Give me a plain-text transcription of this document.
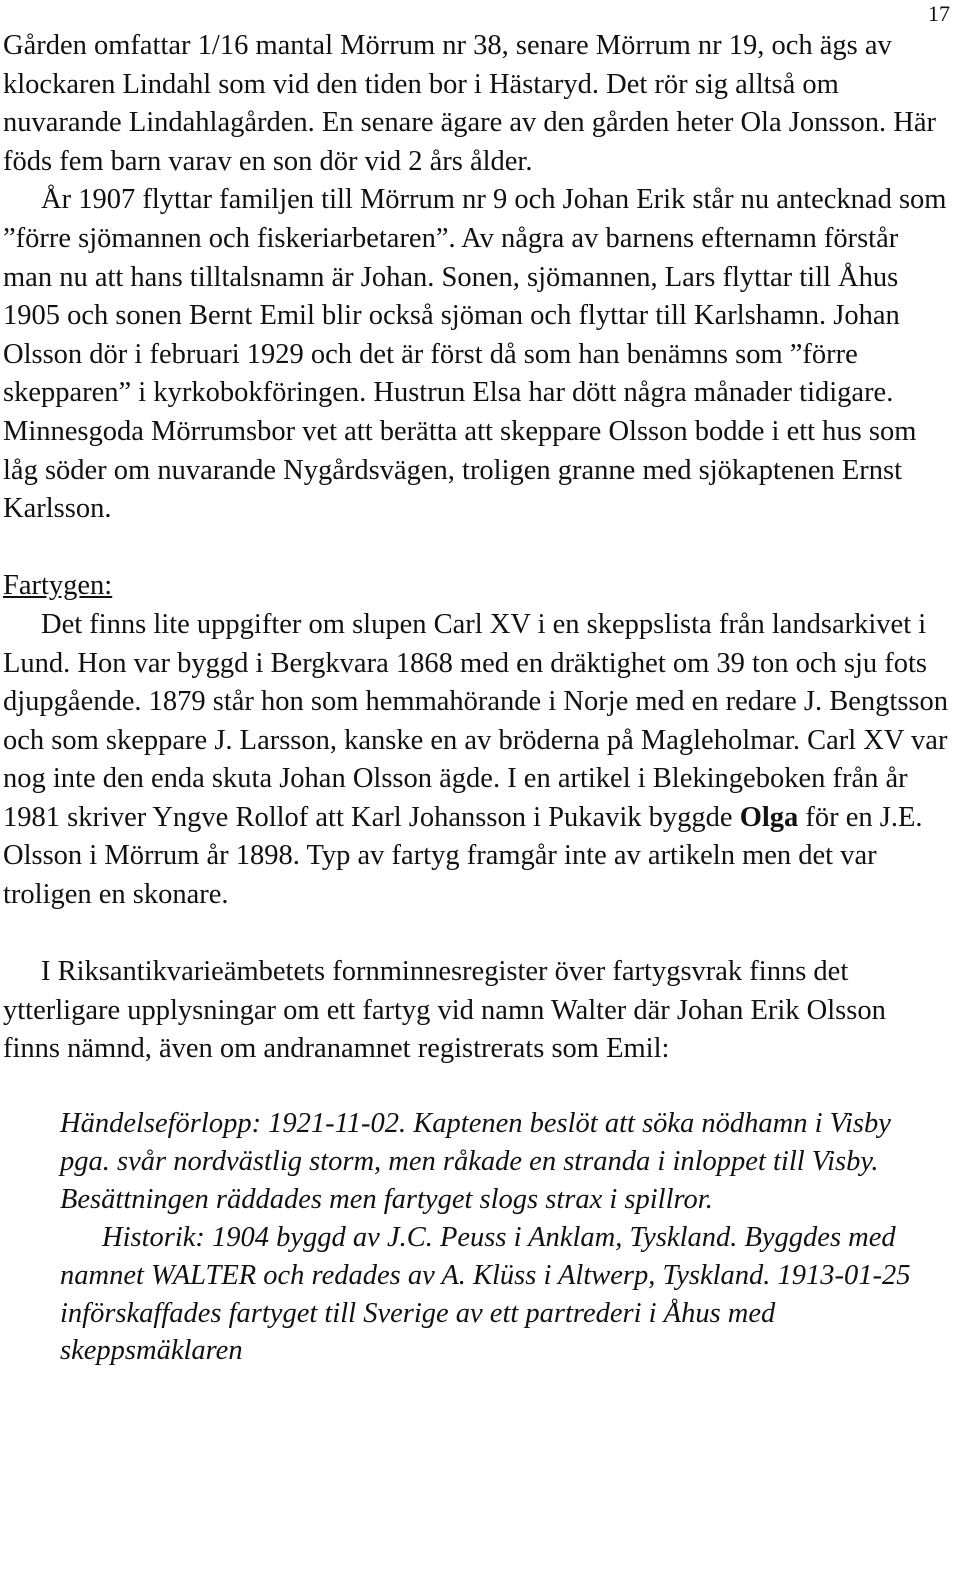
17

Gården omfattar 1/16 mantal Mörrum nr 38, senare Mörrum nr 19, och ägs av klockaren Lindahl som vid den tiden bor i Hästaryd. Det rör sig alltså om nuvarande Lindahlagården. En senare ägare av den gården heter Ola Jonsson. Här föds fem barn varav en son dör vid 2 års ålder.

År 1907 flyttar familjen till Mörrum nr 9 och Johan Erik står nu antecknad som ”förre sjömannen och fiskeriarbetaren”. Av några av barnens efternamn förstår man nu att hans tilltalsnamn är Johan. Sonen, sjömannen, Lars flyttar till Åhus 1905 och sonen Bernt Emil blir också sjöman och flyttar till Karlshamn. Johan Olsson dör i februari 1929 och det är först då som han benämns som ”förre skepparen” i kyrkobokföringen. Hustrun Elsa har dött några månader tidigare. Minnesgoda Mörrumsbor vet att berätta att skeppare Olsson bodde i ett hus som låg söder om nuvarande Nygårdsvägen, troligen granne med sjökaptenen Ernst Karlsson.

Fartygen:

Det finns lite uppgifter om slupen Carl XV i en skeppslista från landsarkivet i Lund. Hon var byggd i Bergkvara 1868 med en dräktighet om 39 ton och sju fots djupgående. 1879 står hon som hemmahörande i Norje med en redare J. Bengtsson och som skeppare J. Larsson, kanske en av bröderna på Magleholmar. Carl XV var nog inte den enda skuta Johan Olsson ägde. I en artikel i Blekingeboken från år 1981 skriver Yngve Rollof att Karl Johansson i Pukavik byggde Olga för en J.E. Olsson i Mörrum år 1898. Typ av fartyg framgår inte av artikeln men det var troligen en skonare.

I Riksantikvarieämbetets fornminnesregister över fartygsvrak finns det ytterligare upplysningar om ett fartyg vid namn Walter där Johan Erik Olsson finns nämnd, även om andranamnet registrerats som Emil:

Händelseförlopp: 1921-11-02. Kaptenen beslöt att söka nödhamn i Visby pga. svår nordvästlig storm, men råkade en stranda i inloppet till Visby. Besättningen räddades men fartyget slogs strax i spillror.

Historik: 1904 byggd av J.C. Peuss i Anklam, Tyskland. Byggdes med namnet WALTER och redades av A. Klüss i Altwerp, Tyskland. 1913-01-25 införskaffades fartyget till Sverige av ett partrederi i Åhus med skeppsmäklaren
